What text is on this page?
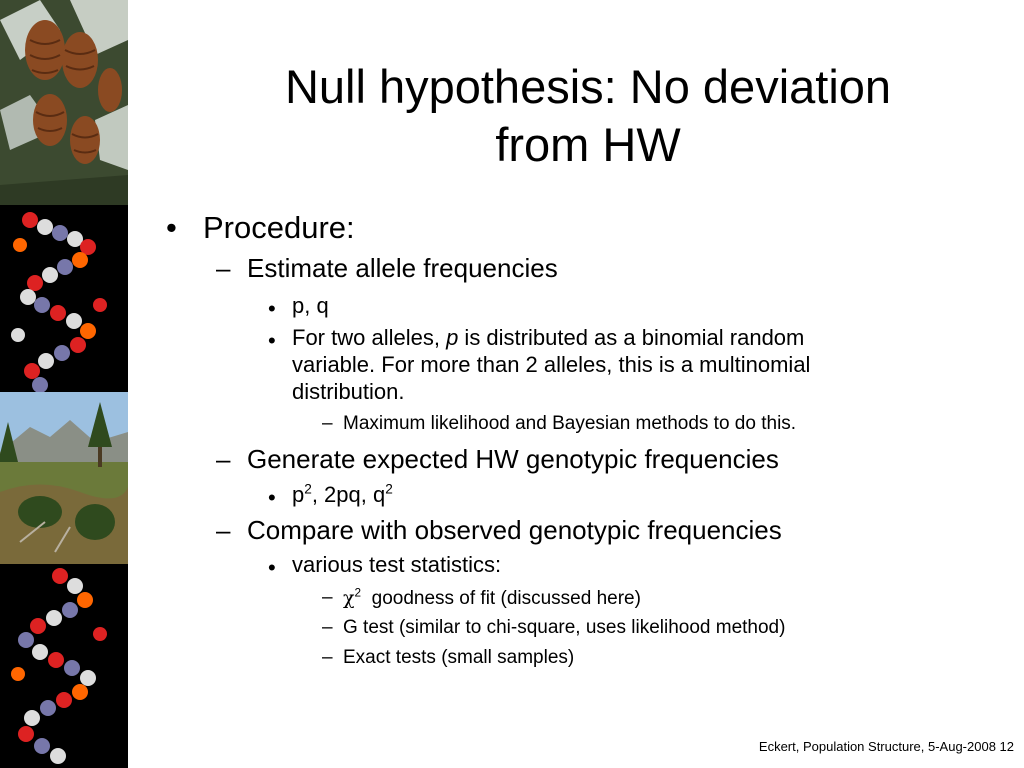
Null hypothesis: No deviation
from HW
• Procedure:
– Estimate allele frequencies
• p, q
• For two alleles, p is distributed as a binomial random
variable. For more than 2 alleles, this is a multinomial
distribution.
– Maximum likelihood and Bayesian methods to do this.
– Generate expected HW genotypic frequencies
• $p^2$, 2pq, $q^2$
– Compare with observed genotypic frequencies
• various test statistics:
– $\chi^2$ goodness of fit (discussed here)
– G test (similar to chi-square, uses likelihood method)
– Exact tests (small samples)
Eckert, Population Structure, 5-Aug-2008 12
